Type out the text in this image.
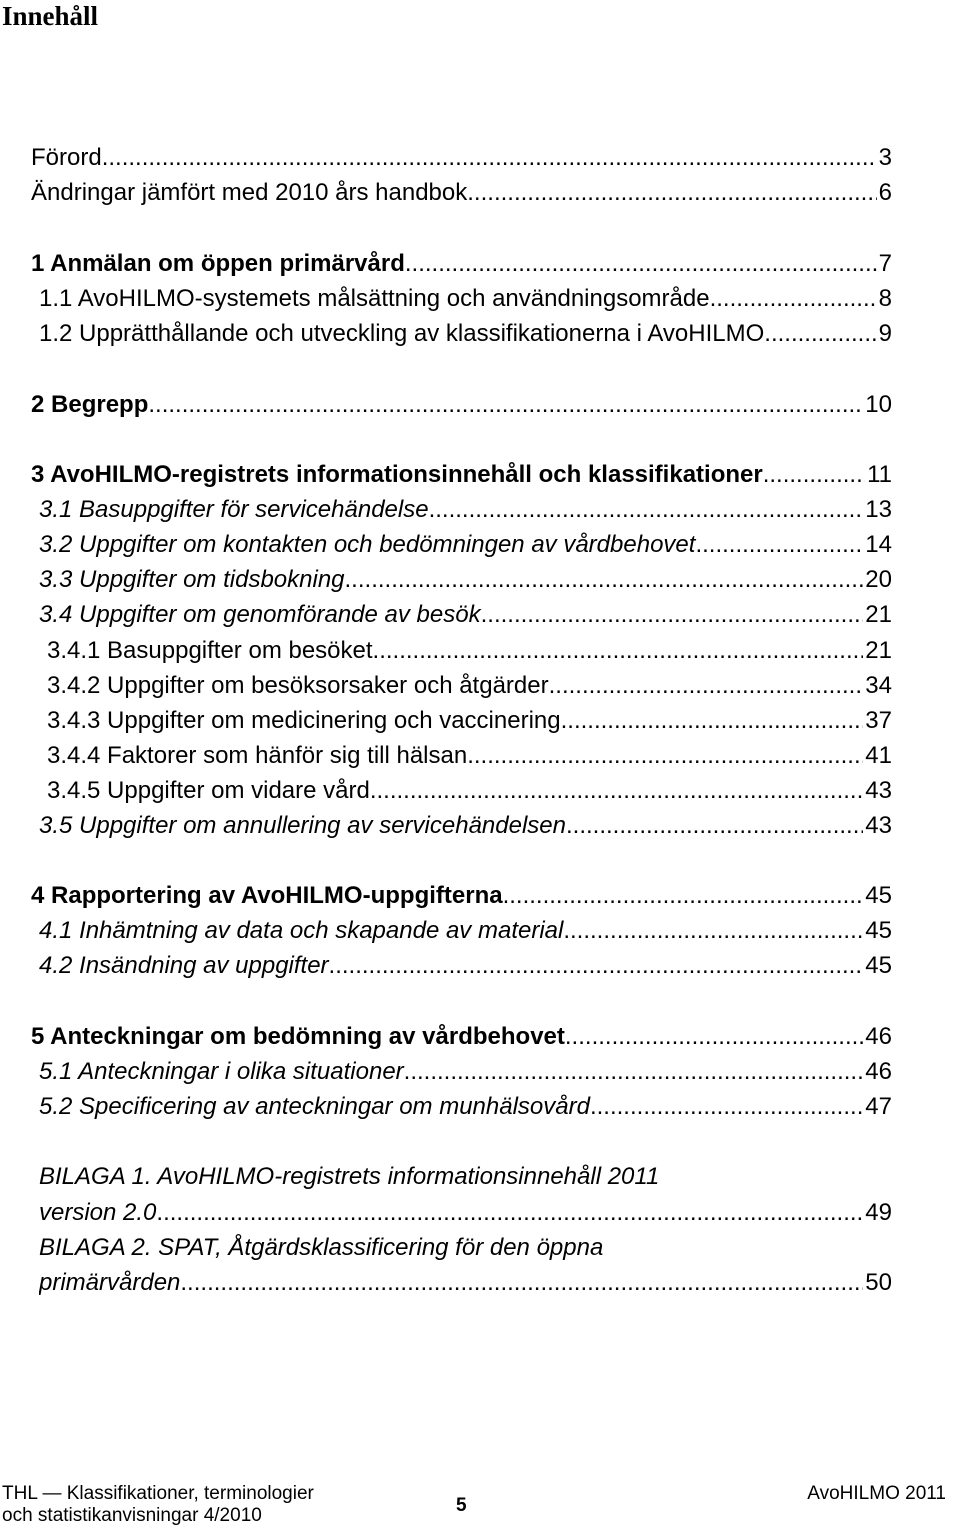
Innehåll
Förord .....	3
Ändringar jämfört med 2010 års handbok .....	6
1 Anmälan om öppen primärvård .....	7
1.1 AvoHILMO-systemets målsättning och användningsområde .....	8
1.2 Upprätthållande och utveckling av klassifikationerna i AvoHILMO .....	9
2 Begrepp .....	10
3 AvoHILMO-registrets informationsinnehåll och klassifikationer .....	11
3.1 Basuppgifter för servicehändelse .....	13
3.2 Uppgifter om kontakten och bedömningen av vårdbehovet .....	14
3.3 Uppgifter om tidsbokning .....	20
3.4 Uppgifter om genomförande av besök .....	21
3.4.1 Basuppgifter om besöket .....	21
3.4.2 Uppgifter om besöksorsaker och åtgärder .....	34
3.4.3 Uppgifter om medicinering och vaccinering .....	37
3.4.4 Faktorer som hänför sig till hälsan .....	41
3.4.5 Uppgifter om vidare vård .....	43
3.5 Uppgifter om annullering av servicehändelsen .....	43
4 Rapportering av AvoHILMO-uppgifterna .....	45
4.1 Inhämtning av data och skapande av material .....	45
4.2 Insändning av uppgifter .....	45
5 Anteckningar om bedömning av vårdbehovet .....	46
5.1 Anteckningar i olika situationer .....	46
5.2 Specificering av anteckningar om munhälsovård .....	47
BILAGA 1. AvoHILMO-registrets informationsinnehåll 2011
version 2.0 .....	49
BILAGA 2. SPAT, Åtgärdsklassificering för den öppna
primärvården .....	50
THL — Klassifikationer, terminologier
och statistikanvisningar 4/2010	5
AvoHILMO 2011
